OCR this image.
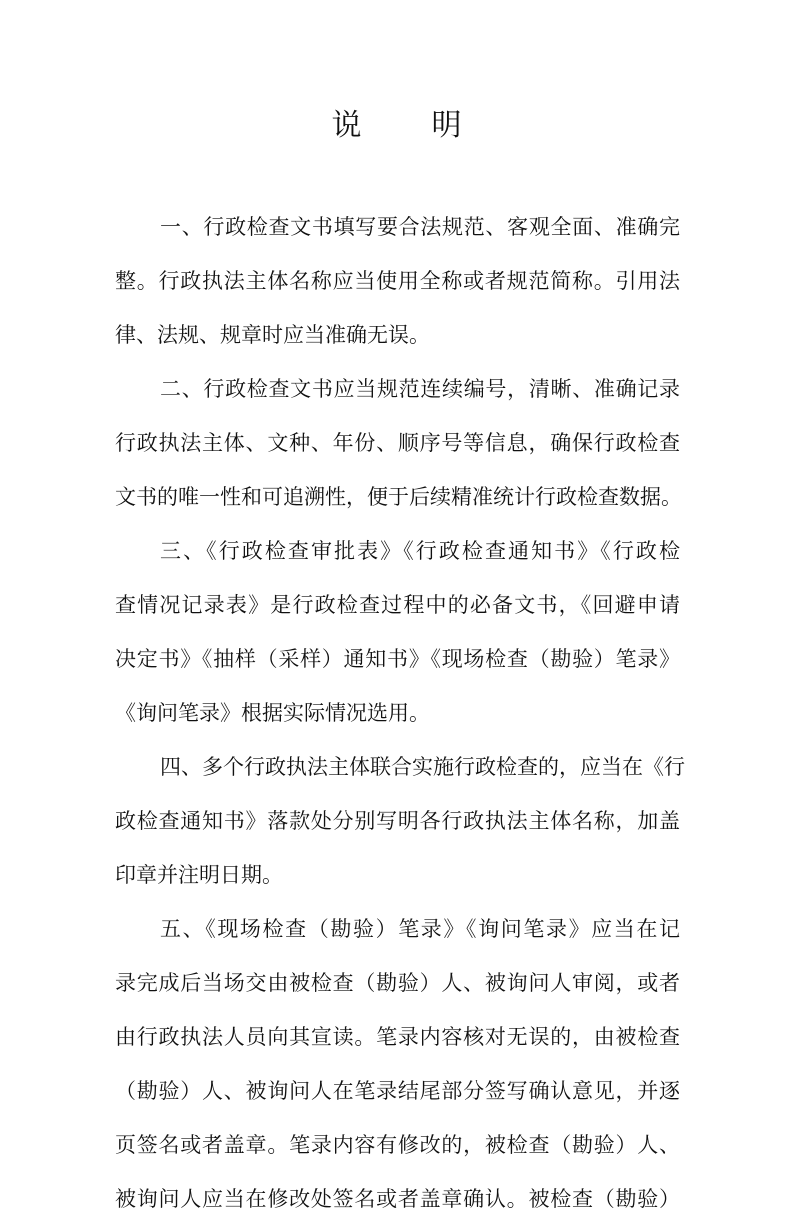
说　明
一、行政检查文书填写要合法规范、客观全面、准确完
整。行政执法主体名称应当使用全称或者规范简称。引用法
律、法规、规章时应当准确无误。
二、行政检查文书应当规范连续编号，清晰、准确记录
行政执法主体、文种、年份、顺序号等信息，确保行政检查
文书的唯一性和可追溯性，便于后续精准统计行政检查数据。
三、《行政检查审批表》《行政检查通知书》《行政检
查情况记录表》是行政检查过程中的必备文书，《回避申请
决定书》《抽样（采样）通知书》《现场检查（勘验）笔录》
《询问笔录》根据实际情况选用。
四、多个行政执法主体联合实施行政检查的，应当在《行
政检查通知书》落款处分别写明各行政执法主体名称，加盖
印章并注明日期。
五、《现场检查（勘验）笔录》《询问笔录》应当在记
录完成后当场交由被检查（勘验）人、被询问人审阅，或者
由行政执法人员向其宣读。笔录内容核对无误的，由被检查
（勘验）人、被询问人在笔录结尾部分签写确认意见，并逐
页签名或者盖章。笔录内容有修改的，被检查（勘验）人、
被询问人应当在修改处签名或者盖章确认。被检查（勘验）
